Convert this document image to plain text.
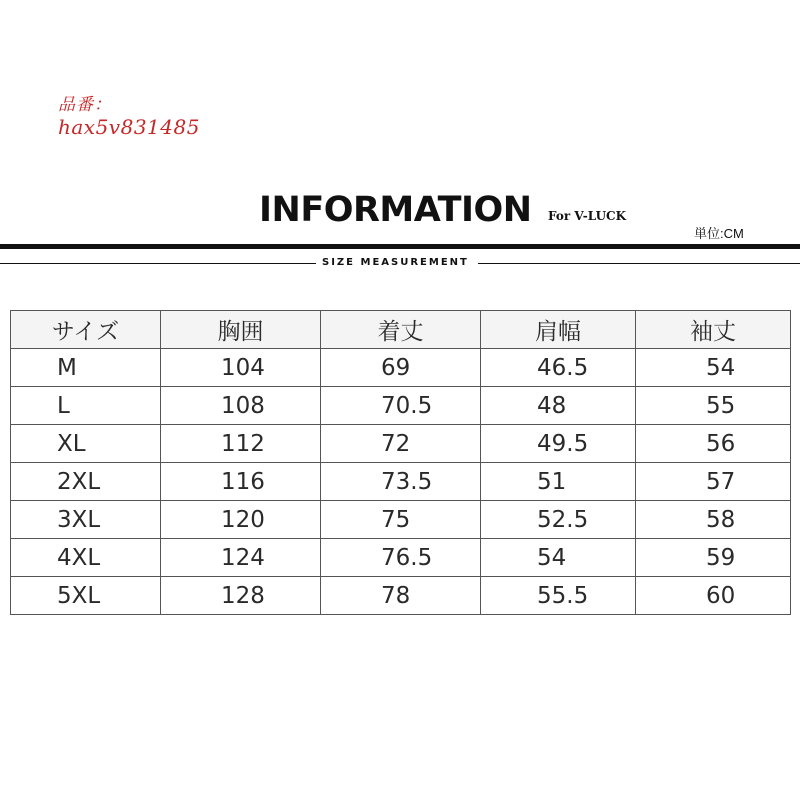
品番：
hax5v831485
INFORMATION For V-LUCK
単位:CM
SIZE MEASUREMENT
サイズ	胸囲	着丈	肩幅	袖丈
M	104	69	46.5	54
L	108	70.5	48	55
XL	112	72	49.5	56
2XL	116	73.5	51	57
3XL	120	75	52.5	58
4XL	124	76.5	54	59
5XL	128	78	55.5	60
